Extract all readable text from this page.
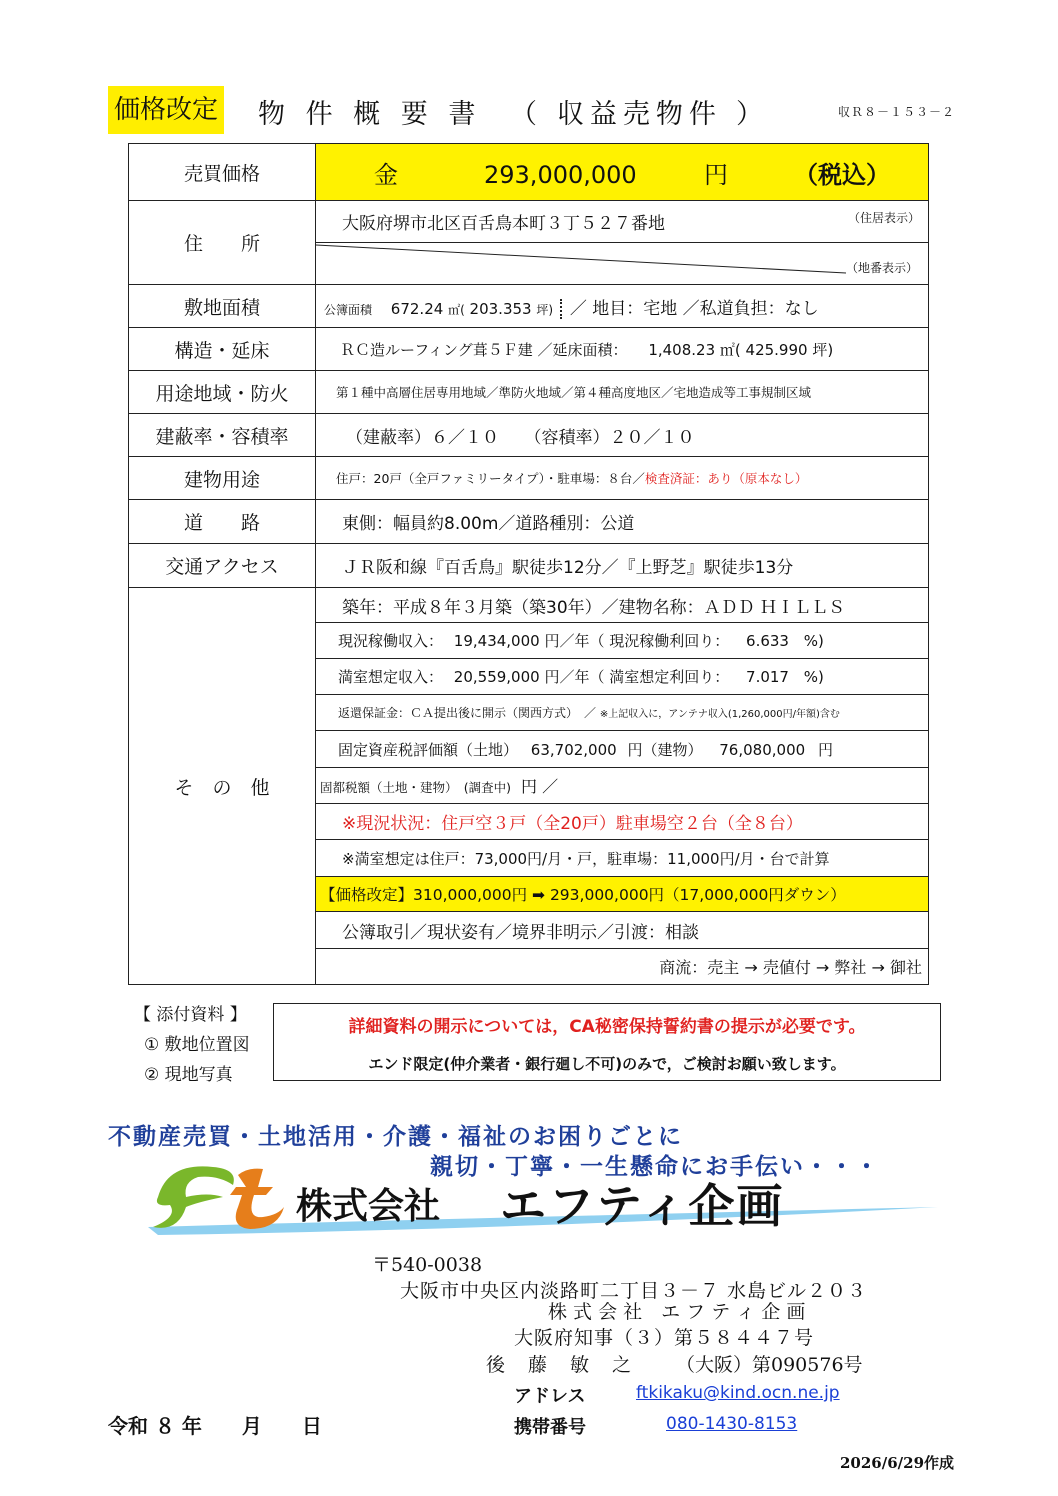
価格改定 物 件 概 要 書 （ 収益売物件 ）	収Ｒ８－１５３－２
売買価格	金 293,000,000 円 （税込）
住　　所	大阪府堺市北区百舌鳥本町３丁５２７番地 （住居表示）

	（地番表示）

敷地面積	公簿面積 672.24 ㎡( 203.353 坪) ／ 地目：宅地 ／私道負担：なし
構造・延床	ＲＣ造ルーフィング葺５Ｆ建 ／延床面積： 1,408.23 ㎡( 425.990 坪)
用途地域・防火	第１種中高層住居専用地域／準防火地域／第４種高度地区／宅地造成等工事規制区域
建蔽率・容積率	（建蔽率）６／１０　　（容積率）２０／１０
建物用途	住戸：20戸（全戸ファミリータイプ）・駐車場：８台／検査済証：あり（原本なし）
道　　路	東側：幅員約8.00m／道路種別：公道
交通アクセス	ＪＲ阪和線『百舌鳥』駅徒歩12分／『上野芝』駅徒歩13分
そ　の　他	築年：平成８年３月築（築30年）／建物名称：ＡＤＤ ＨＩＬＬＳ
	現況稼働収入： 19,434,000 円／年（ 現況稼働利回り： 6.633 %)
	満室想定収入： 20,559,000 円／年（ 満室想定利回り： 7.017 %)
	返還保証金：ＣＡ提出後に開示（関西方式）　／ ※上記収入に，アンテナ収入(1,260,000円/年額)含む
	固定資産税評価額（土地） 63,702,000 円（建物） 76,080,000 円
	固都税額（土地・建物）　(調査中) 円 ／
	※現況状況：住戸空３戸（全20戸）駐車場空２台（全８台）
	※満室想定は住戸：73,000円/月・戸，駐車場：11,000円/月・台で計算
	【価格改定】310,000,000円 ➡ 293,000,000円（17,000,000円ダウン）
	公簿取引／現状姿有／境界非明示／引渡：相談
	商流：売主 → 売値付 → 弊社 → 御社
【 添付資料 】
① 敷地位置図
② 現地写真
詳細資料の開示については，CA秘密保持誓約書の提示が必要です。
エンド限定(仲介業者・銀行廻し不可)のみで，ご検討お願い致します。
不動産売買・土地活用・介護・福祉のお困りごとに
親切・丁寧・一生懸命にお手伝い・・・
株式会社 エフティ企画
〒540-0038
大阪市中央区内淡路町二丁目３－７ 水島ビル２０３
株 式 会 社　エ フ テ ィ 企 画
大阪府知事（３）第５８４４７号
後　藤　敏　之 （大阪）第090576号
アドレス	ftkikaku@kind.ocn.ne.jp
携帯番号	080-1430-8153
令和 ８ 年　　月　　日
2026/6/29作成
